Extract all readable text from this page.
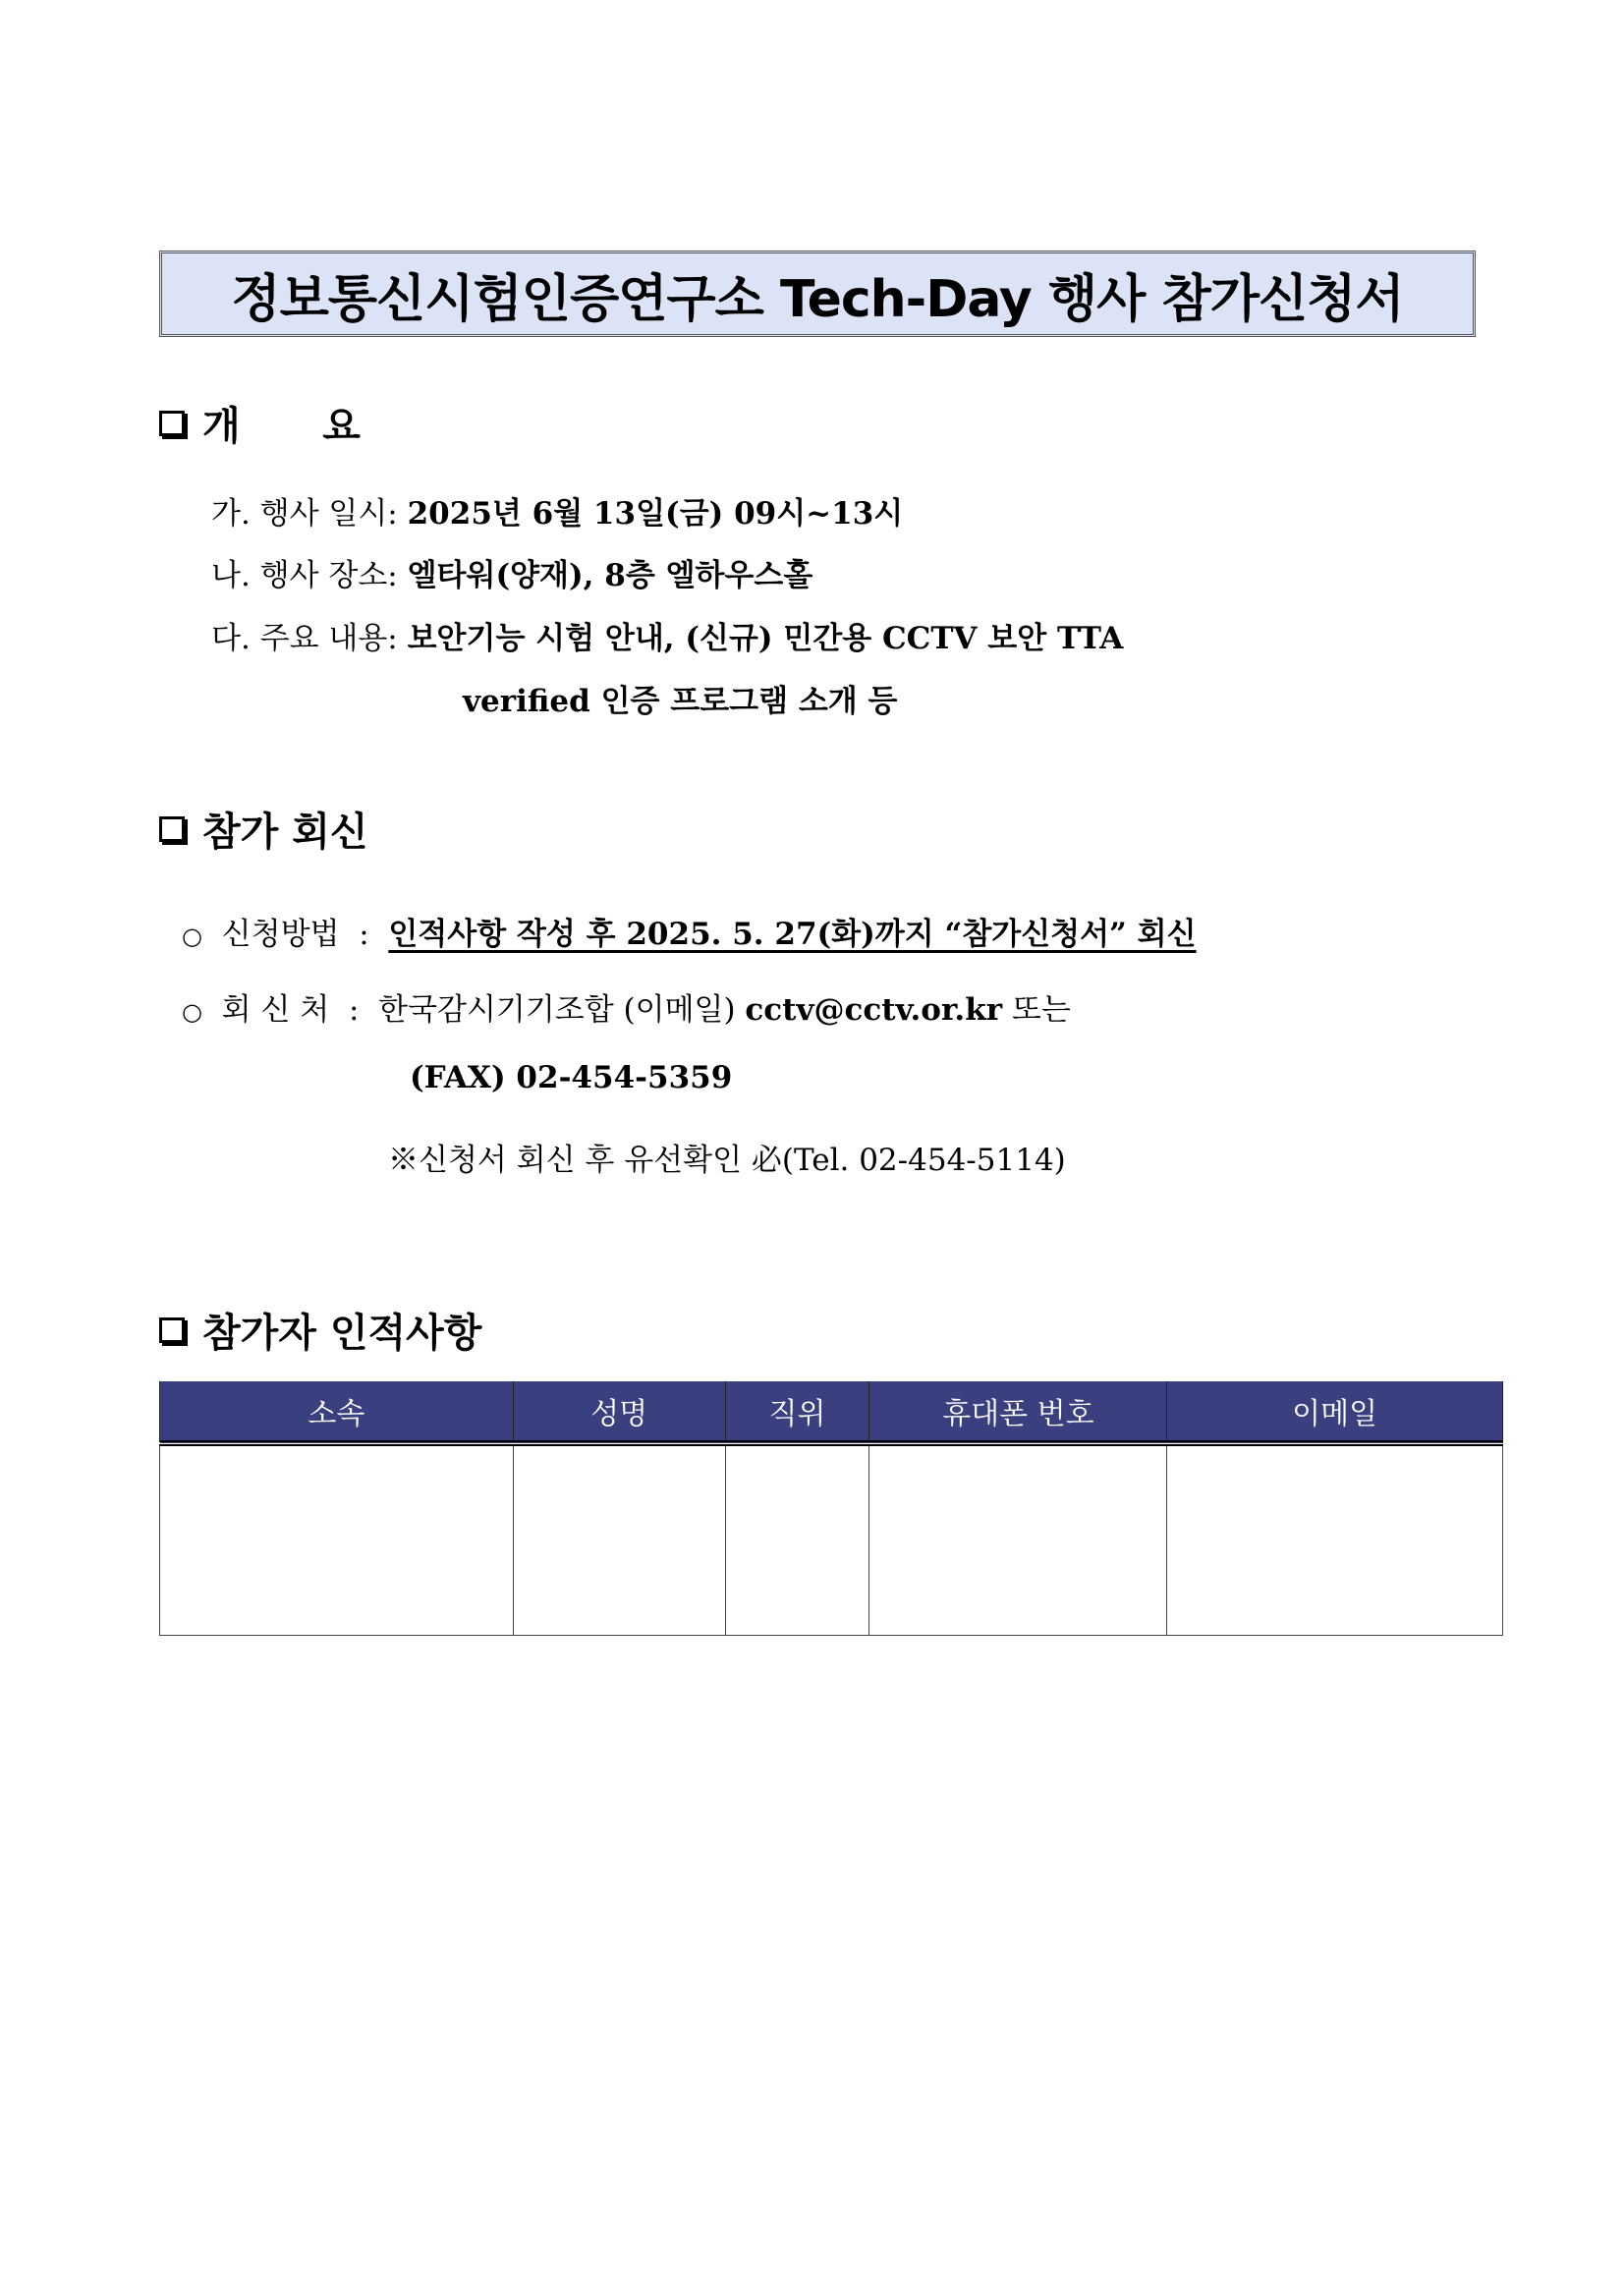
정보통신시험인증연구소 Tech-Day 행사 참가신청서
개      요
가. 행사 일시: 2025년 6월 13일(금) 09시~13시
나. 행사 장소: 엘타워(양재), 8층 엘하우스홀
다. 주요 내용: 보안기능 시험 안내, (신규) 민간용 CCTV 보안 TTA
verified 인증 프로그램 소개 등
참가 회신
○ 신청방법 : 인적사항 작성 후 2025. 5. 27(화)까지 “참가신청서” 회신
○ 회 신 처 : 한국감시기기조합 (이메일) cctv@cctv.or.kr 또는
(FAX) 02-454-5359
※신청서 회신 후 유선확인 必(Tel. 02-454-5114)
참가자 인적사항
소속	성명	직위	휴대폰 번호	이메일
